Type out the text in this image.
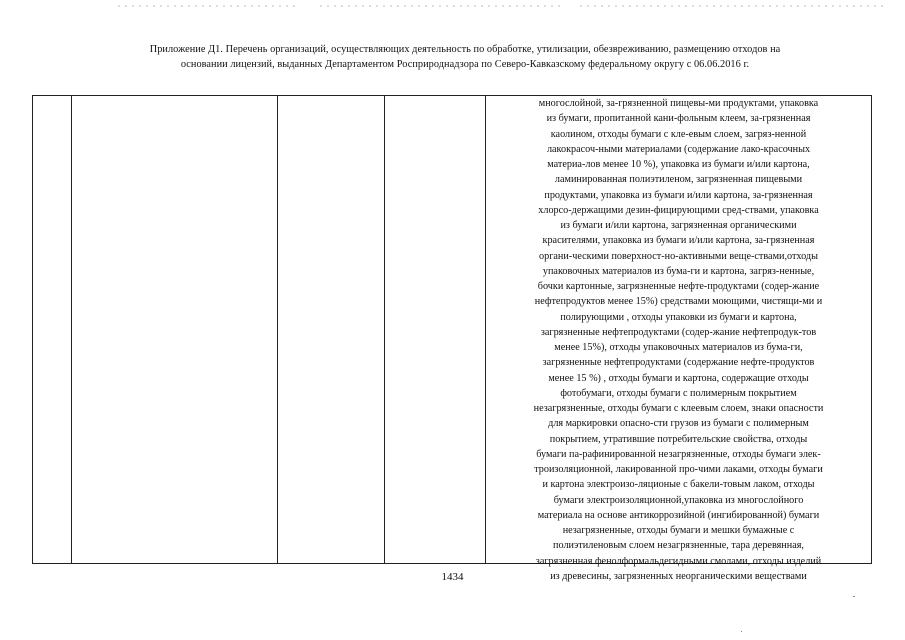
Приложение Д1. Перечень организаций, осуществляющих деятельность по обработке, утилизации, обезвреживанию, размещению отходов на
основании лицензий, выданных Департаментом Росприроднадзора по Северо-Кавказскому федеральному округу с 06.06.2016 г.

многослойной, за-грязненной пищевы-ми продуктами, упаковка

из бумаги, пропитанной кани-фольным клеем, за-грязненная

каолином, отходы бумаги с кле-евым слоем, загряз-ненной

лакокрасоч-ными материалами (содержание лако-красочных

материа-лов менее 10 %), упаковка из бумаги и/или картона,

ламинированная полиэтиленом, загрязненная пищевыми

продуктами, упаковка из бумаги и/или картона, за-грязненная

хлорсо-держащими дезин-фицирующими сред-ствами, упаковка

из бумаги и/или картона, загрязненная органическими

красителями, упаковка из бумаги и/или картона, за-грязненная

органи-ческими поверхност-но-активными веще-ствами,отходы

упаковочных материалов из бума-ги и картона, загряз-ненные,

бочки картонные, загрязненные нефте-продуктами (содер-жание

нефтепродуктов менее 15%) средствами моющими, чистящи-ми и

полирующими , отходы упаковки из бумаги и картона,

загрязненные нефтепродуктами (содер-жание нефтепродук-тов

менее 15%), отходы упаковочных материалов из бума-ги,

загрязненные нефтепродуктами (содержание нефте-продуктов

менее 15 %) , отходы бумаги и картона, содержащие отходы

фотобумаги, отходы бумаги с полимерным покрытием

незагрязненные, отходы бумаги с клеевым слоем, знаки опасности

для маркировки опасно-сти грузов из бумаги с полимерным

покрытием, утратившие потребительские свойства, отходы

бумаги па-рафинированной незагрязненные, отходы бумаги элек-

троизоляционной, лакированной про-чими лаками, отходы бумаги

и картона электроизо-ляционые с бакели-товым лаком, отходы

бумаги электроизоляционной,упаковка из многослойного

материала на основе антикоррозийной (ингибированной) бумаги

незагрязненные, отходы бумаги и мешки бумажные с

полиэтиленовым слоем незагрязненные, тара деревянная,

загрязненная фенолформальдегидными смолами, отходы изделий

из древесины, загрязненных неорганическими веществами

1434
